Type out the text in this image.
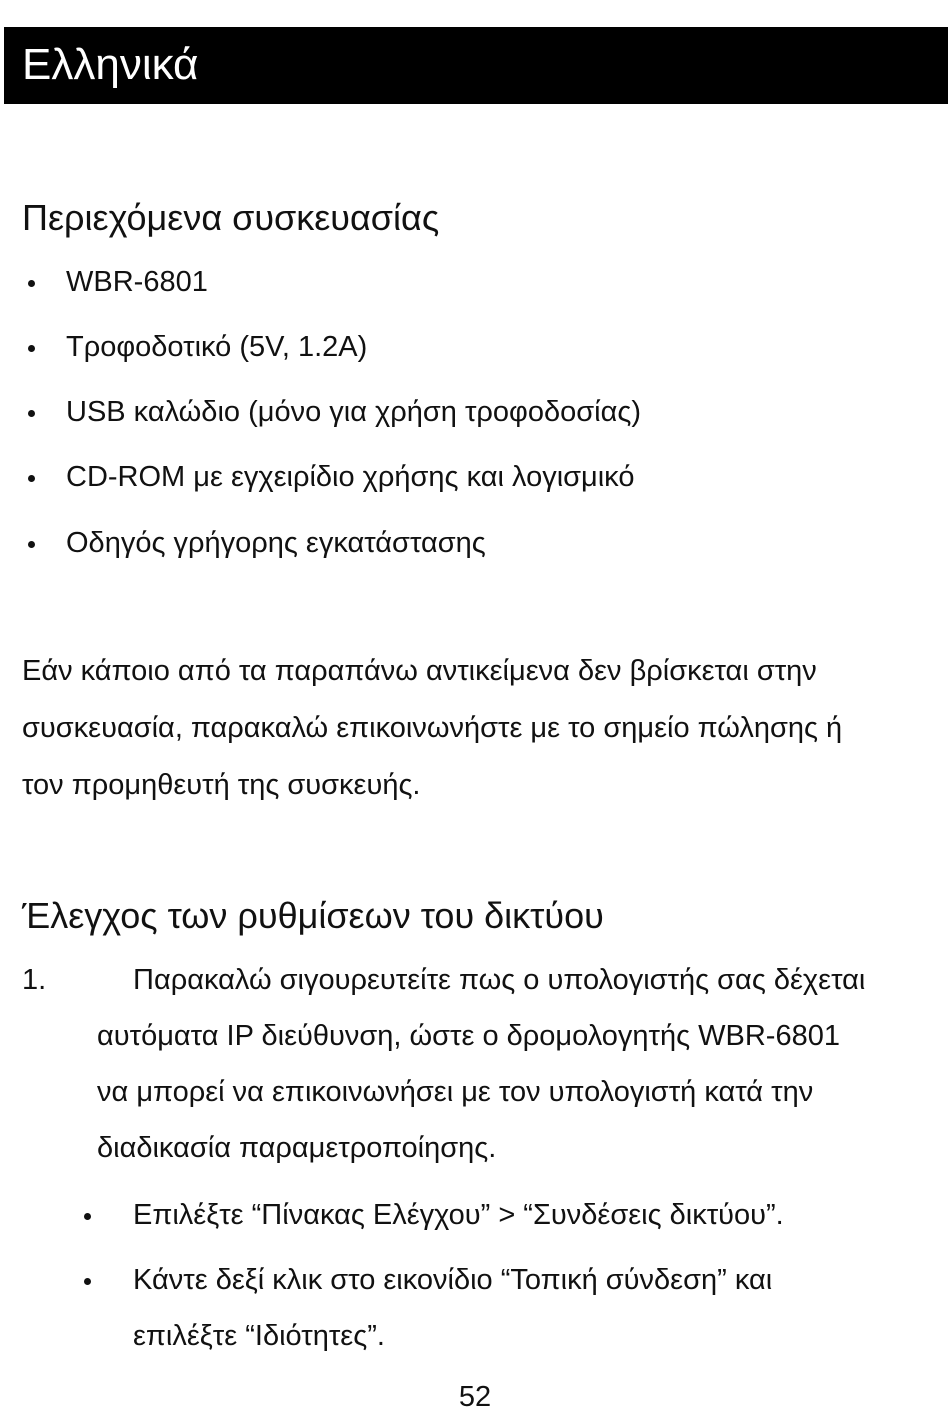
Ελληνικά
Περιεχόμενα συσκευασίας
WBR-6801
Τροφοδοτικό (5V, 1.2A)
USB καλώδιο (μόνο για χρήση τροφοδοσίας)
CD-ROM με εγχειρίδιο χρήσης και λογισμικό
Οδηγός γρήγορης εγκατάστασης
Εάν κάποιο από τα παραπάνω αντικείμενα δεν βρίσκεται στην
συσκευασία, παρακαλώ επικοινωνήστε με το σημείο πώλησης ή
τον προμηθευτή της συσκευής.
Έλεγχος των ρυθμίσεων του δικτύου
1.	Παρακαλώ σιγουρευτείτε πως ο υπολογιστής σας δέχεται
αυτόματα IP διεύθυνση, ώστε ο δρομολογητής WBR-6801
να μπορεί να επικοινωνήσει με τον υπολογιστή κατά την
διαδικασία παραμετροποίησης.
Επιλέξτε “Πίνακας Ελέγχου” > “Συνδέσεις δικτύου”.
Κάντε δεξί κλικ στο εικονίδιο “Τοπική σύνδεση” και
επιλέξτε “Ιδιότητες”.
52
